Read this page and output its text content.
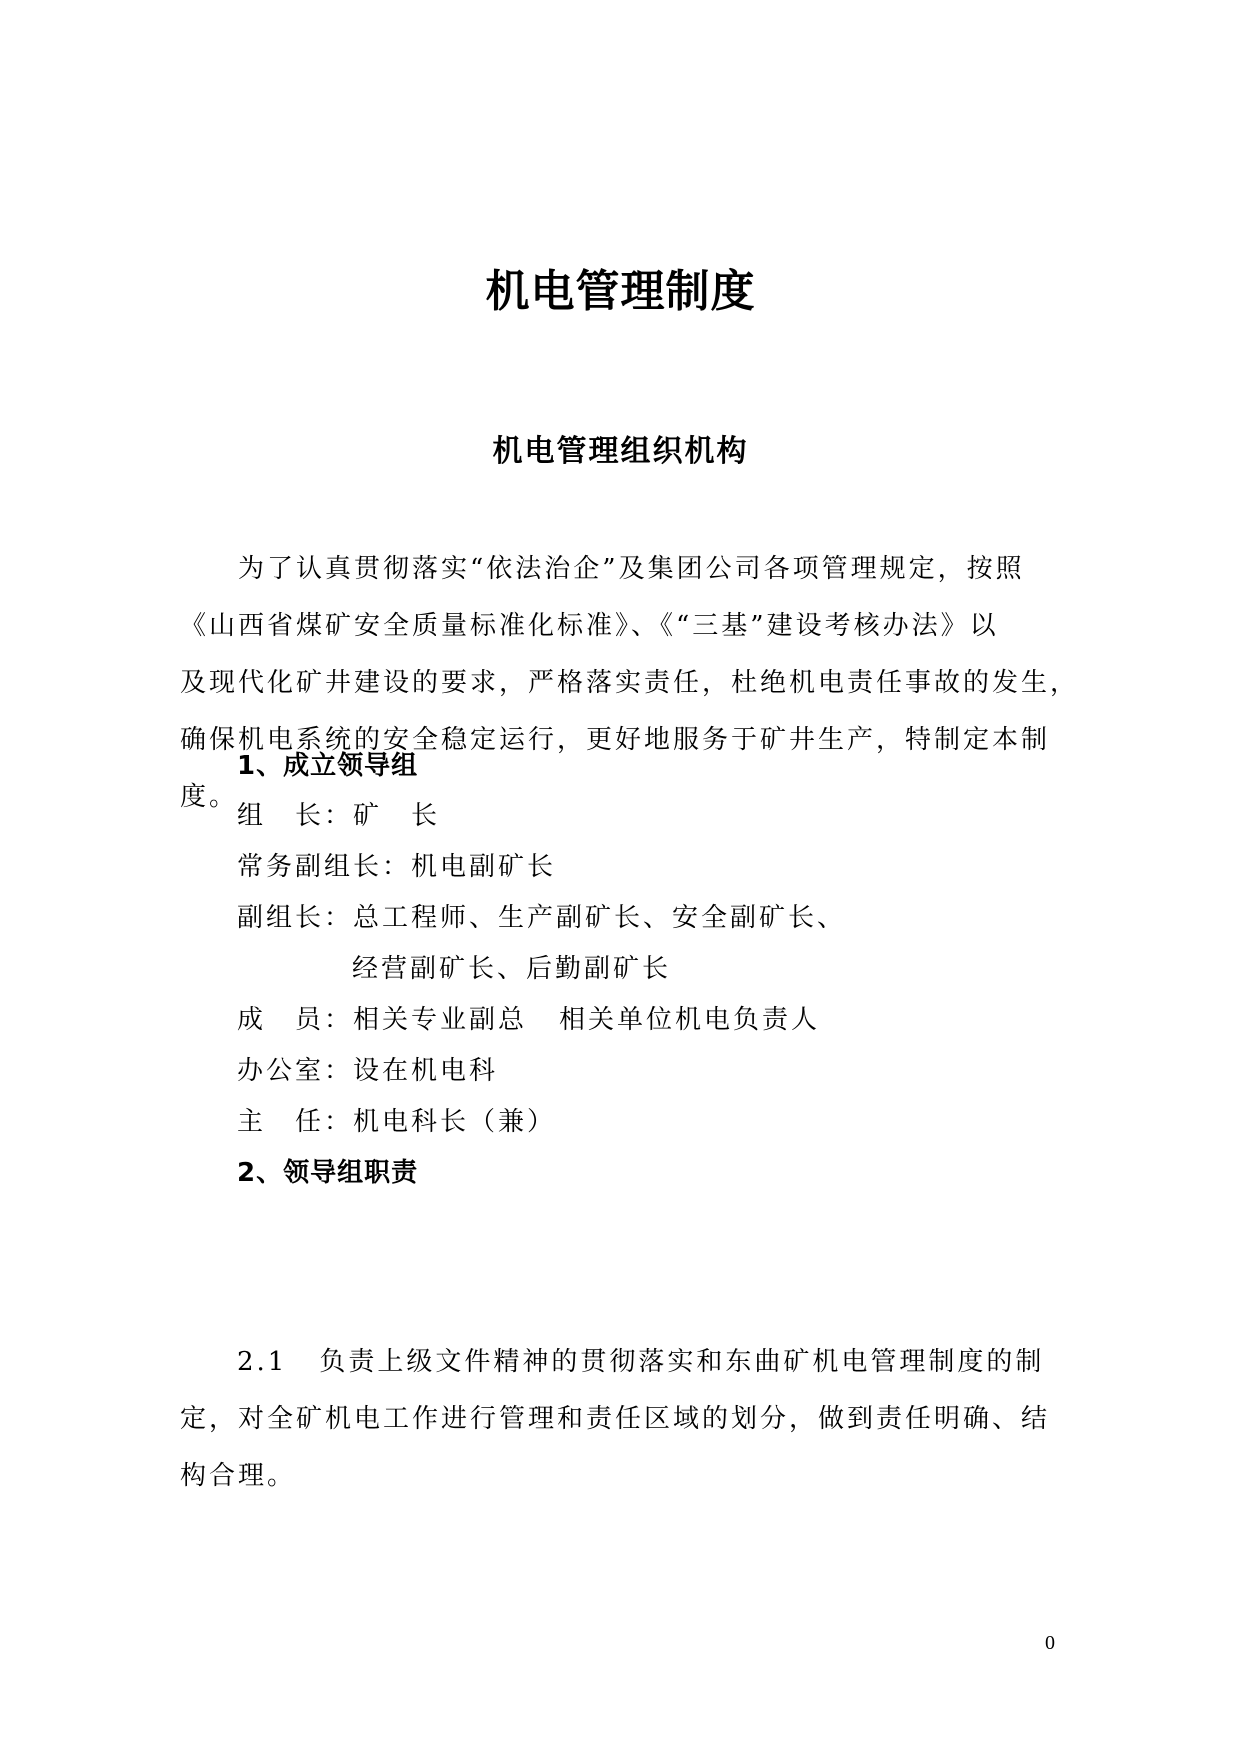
机电管理制度
机电管理组织机构
为了认真贯彻落实“依法治企”及集团公司各项管理规定，按照
《山西省煤矿安全质量标准化标准》、《“三基”建设考核办法》以
及现代化矿井建设的要求，严格落实责任，杜绝机电责任事故的发生，
确保机电系统的安全稳定运行，更好地服务于矿井生产，特制定本制
度。
1、成立领导组
组　长：矿　长
常务副组长：机电副矿长
副组长：总工程师、生产副矿长、安全副矿长、
经营副矿长、后勤副矿长
成　员：相关专业副总 相关单位机电负责人
办公室：设在机电科
主　任：机电科长（兼）
2、领导组职责
2.1 负责上级文件精神的贯彻落实和东曲矿机电管理制度的制
定，对全矿机电工作进行管理和责任区域的划分，做到责任明确、结
构合理。
0
